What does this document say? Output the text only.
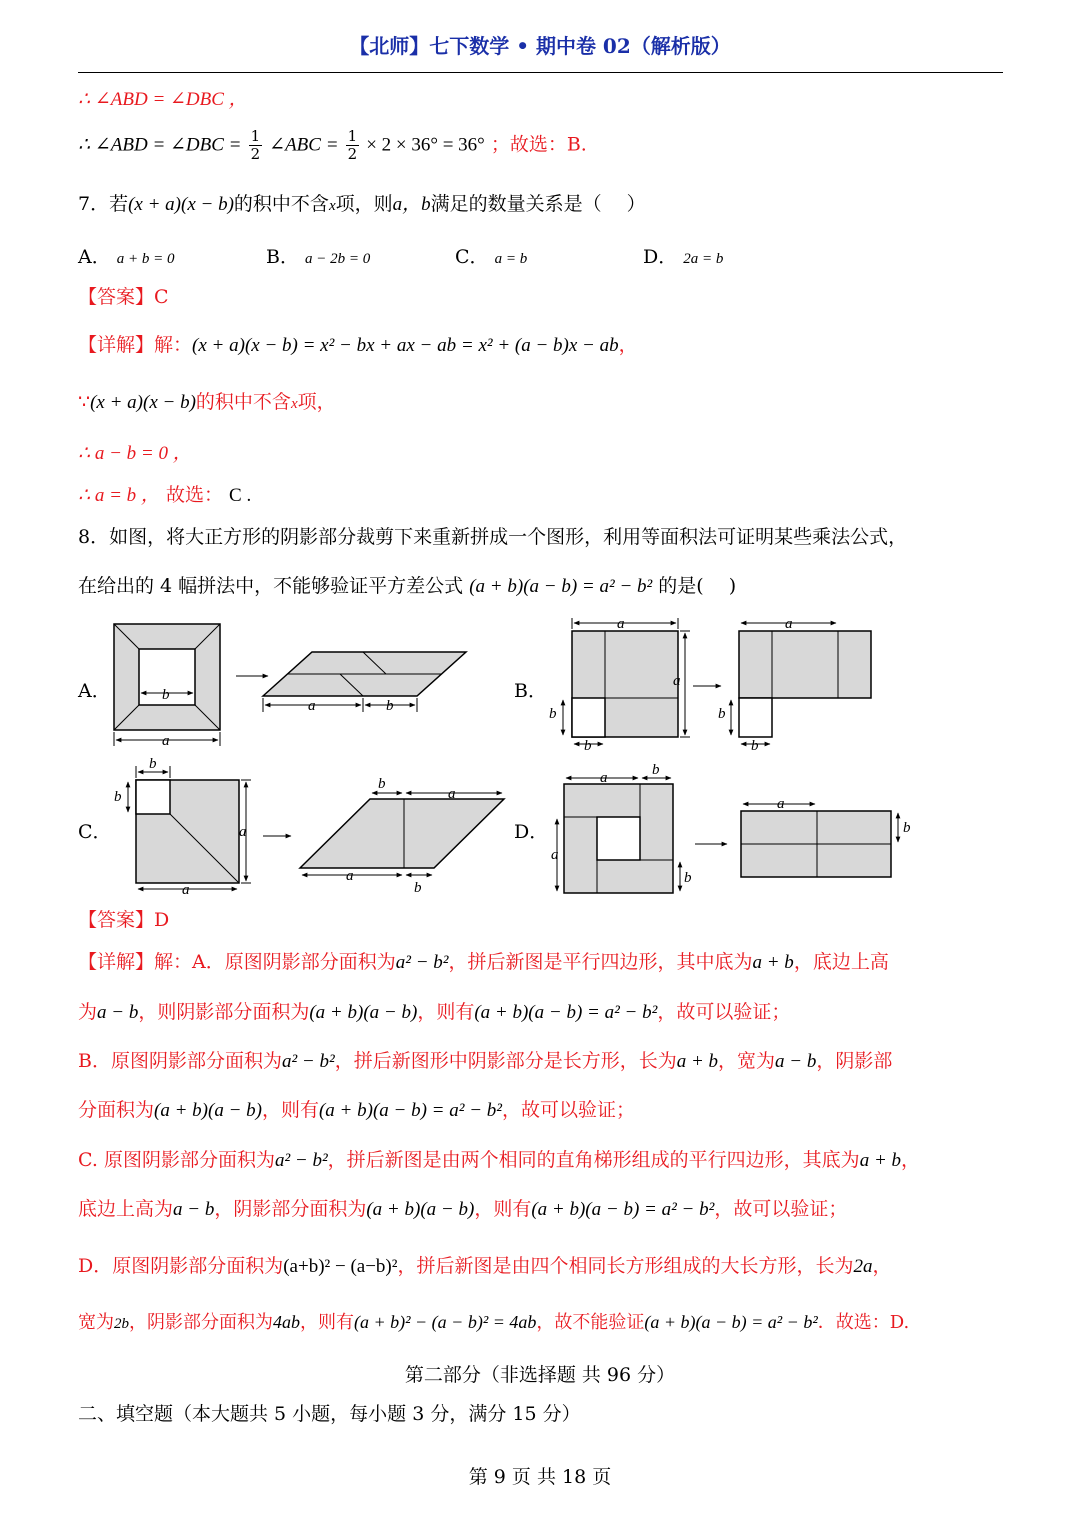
【北师】七下数学 • 期中卷 02（解析版）
∴ ∠ABD = ∠DBC ，
∴ ∠ABD = ∠DBC = $\frac{1}{2}$ ∠ABC = $\frac{1}{2} \times 2 \times 36^\circ = 36^\circ$ ；故选：B.
7．若(x + a)(x − b)的积中不含x项，则a，b满足的数量关系是（　 ）
A． a + b = 0	B． a − 2b = 0	C． a = b	D． 2a = b
【答案】C
【详解】解：(x + a)(x − b) = x² − bx + ax − ab = x² + (a − b)x − ab，
∵(x + a)(x − b)的积中不含x项，
∴ a − b = 0 ，
∴ a = b ， 故选： C .
8．如图，将大正方形的阴影部分裁剪下来重新拼成一个图形，利用等面积法可证明某些乘法公式，
在给出的 4 幅拼法中，不能够验证平方差公式 (a + b)(a − b) = a² − b² 的是(　 )
A．	b
a
a	b
B．
a
a
b
b
a
b
b
C．
b
b
a
a
b
a
a
b
D．
a	b
a
b
a
b
【答案】D
【详解】解：A．原图阴影部分面积为a² − b²，拼后新图是平行四边形，其中底为a + b，底边上高
为a − b，则阴影部分面积为(a + b)(a − b)，则有(a + b)(a − b) = a² − b²，故可以验证；
B．原图阴影部分面积为a² − b²，拼后新图形中阴影部分是长方形，长为a + b，宽为a − b，阴影部
分面积为(a + b)(a − b)，则有(a + b)(a − b) = a² − b²，故可以验证；
C. 原图阴影部分面积为a² − b²，拼后新图是由两个相同的直角梯形组成的平行四边形，其底为a + b，
底边上高为a − b，阴影部分面积为(a + b)(a − b)，则有(a + b)(a − b) = a² − b²，故可以验证；
D．原图阴影部分面积为(a+b)² − (a−b)²，拼后新图是由四个相同长方形组成的大长方形，长为2a，
宽为2b，阴影部分面积为4ab，则有(a + b)² − (a − b)² = 4ab，故不能验证(a + b)(a − b) = a² − b²．故选：D.
第二部分（非选择题 共 96 分）
二、填空题（本大题共 5 小题，每小题 3 分，满分 15 分）
第 9 页 共 18 页
